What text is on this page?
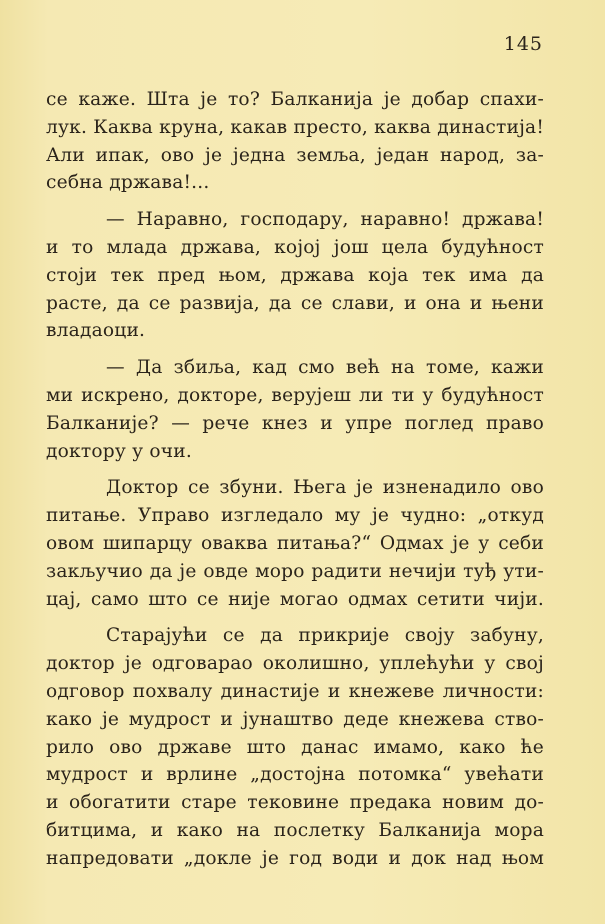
145
се каже. Шта је то? Балканија је добар спахи-
лук. Каква круна, какав престо, каква династија!
Али ипак, ово је једна земља, један народ, за-
себна држава!...
— Наравно, господару, наравно! држава!
и то млада држава, којој још цела будућност
стоји тек пред њом, држава која тек има да
расте, да се развија, да се слави, и она и њени
владаоци.
— Да збиља, кад смо већ на томе, кажи
ми искрено, докторе, верујеш ли ти у будућност
Балканије? — рече кнез и упре поглед право
доктору у очи.
Доктор се збуни. Њега је изненадило ово
питање. Управо изгледало му је чудно: „откуд
овом шипарцу оваква питања?“ Одмах је у себи
закључио да је овде моро радити нечији туђ ути-
цај, само што се није могао одмах сетити чији.
Старајући се да прикрије своју забуну,
доктор је одговарао околишно, уплећући у свој
одговор похвалу династије и кнежеве личности:
како је мудрост и јунаштво деде кнежева ство-
рило ово државе што данас имамо, како ће
мудрост и врлине „достојна потомка“ увећати
и обогатити старе тековине предака новим до-
битцима, и како на послетку Балканија мора
напредовати „докле је год води и док над њом
